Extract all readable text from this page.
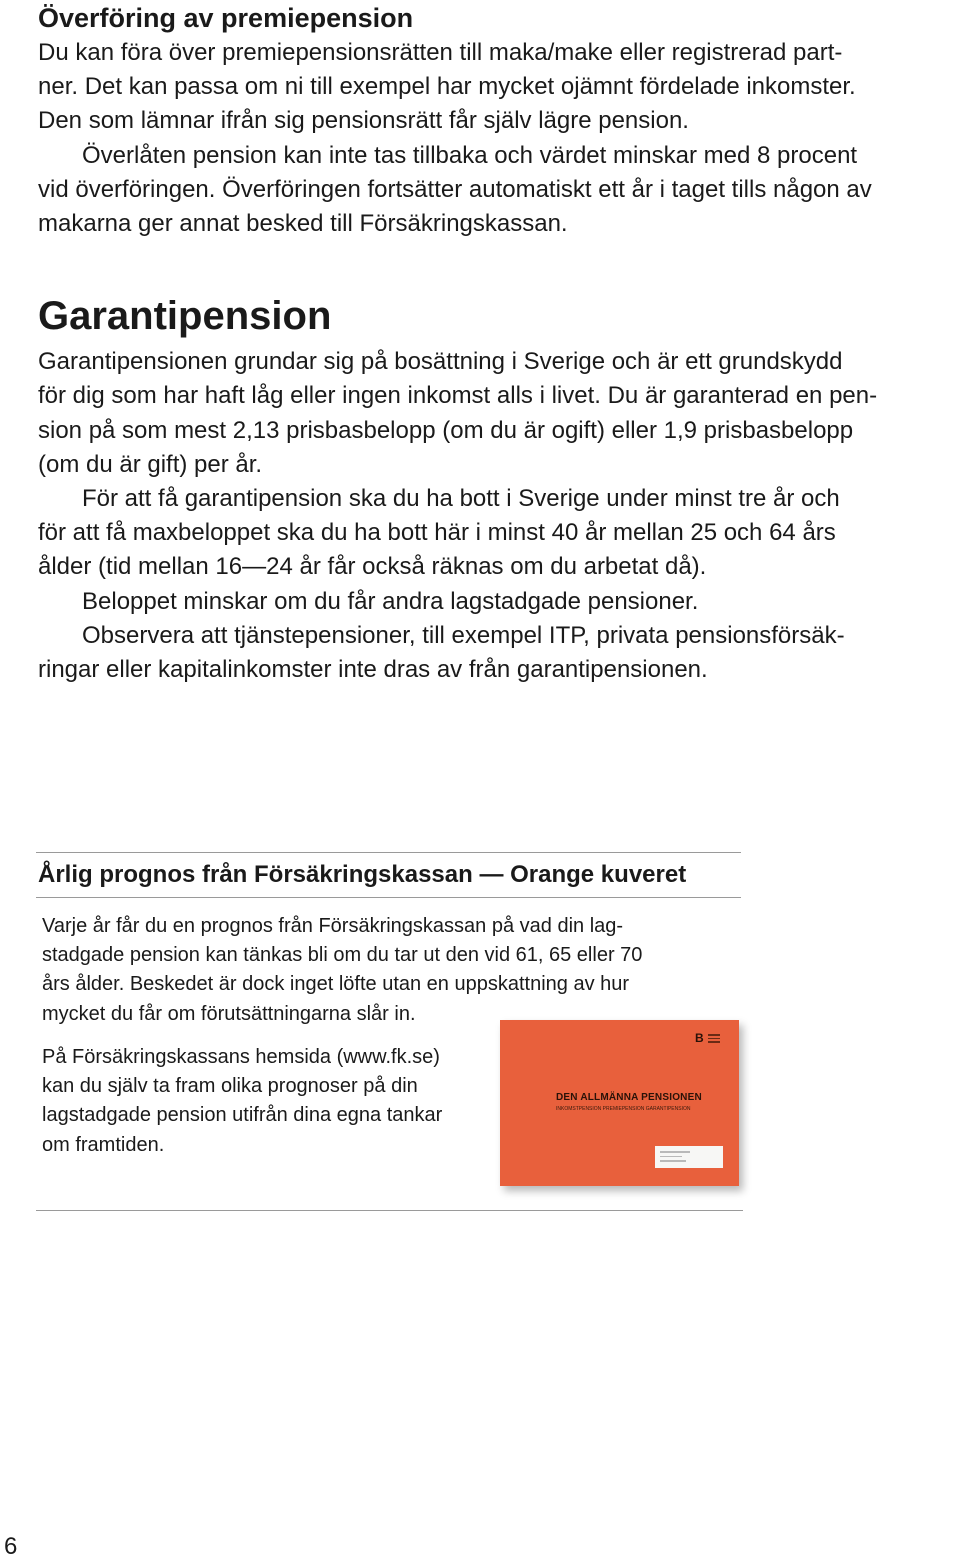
Överföring av premiepension

Du kan föra över premiepensionsrätten till maka/make eller registrerad part-

ner. Det kan passa om ni till exempel har mycket ojämnt fördelade inkomster.

Den som lämnar ifrån sig pensionsrätt får själv lägre pension.

Överlåten pension kan inte tas tillbaka och värdet minskar med 8 procent

vid överföringen. Överföringen fortsätter automatiskt ett år i taget tills någon av

makarna ger annat besked till Försäkringskassan.

Garantipension

Garantipensionen grundar sig på bosättning i Sverige och är ett grundskydd

för dig som har haft låg eller ingen inkomst alls i livet. Du är garanterad en pen-

sion på som mest 2,13 prisbasbelopp (om du är ogift) eller 1,9 prisbasbelopp

(om du är gift) per år.

För att få garantipension ska du ha bott i Sverige under minst tre år och

för att få maxbeloppet ska du ha bott här i minst 40 år mellan 25 och 64 års

ålder (tid mellan 16—24 år får också räknas om du arbetat då).

Beloppet minskar om du får andra lagstadgade pensioner.

Observera att tjänstepensioner, till exempel ITP, privata pensionsförsäk-

ringar eller kapitalinkomster inte dras av från garantipensionen.

Årlig prognos från Försäkringskassan — Orange kuveret

Varje år får du en prognos från Försäkringskassan på vad din lag-

stadgade pension kan tänkas bli om du tar ut den vid 61, 65 eller 70

års ålder. Beskedet är dock inget löfte utan en uppskattning av hur

mycket du får om förutsättningarna slår in.

På Försäkringskassans hemsida (www.fk.se)

kan du själv ta fram olika prognoser på din

lagstadgade pension utifrån dina egna tankar

om framtiden.

B
DEN ALLMÄNNA PENSIONEN
INKOMSTPENSION PREMIEPENSION GARANTIPENSION
6
